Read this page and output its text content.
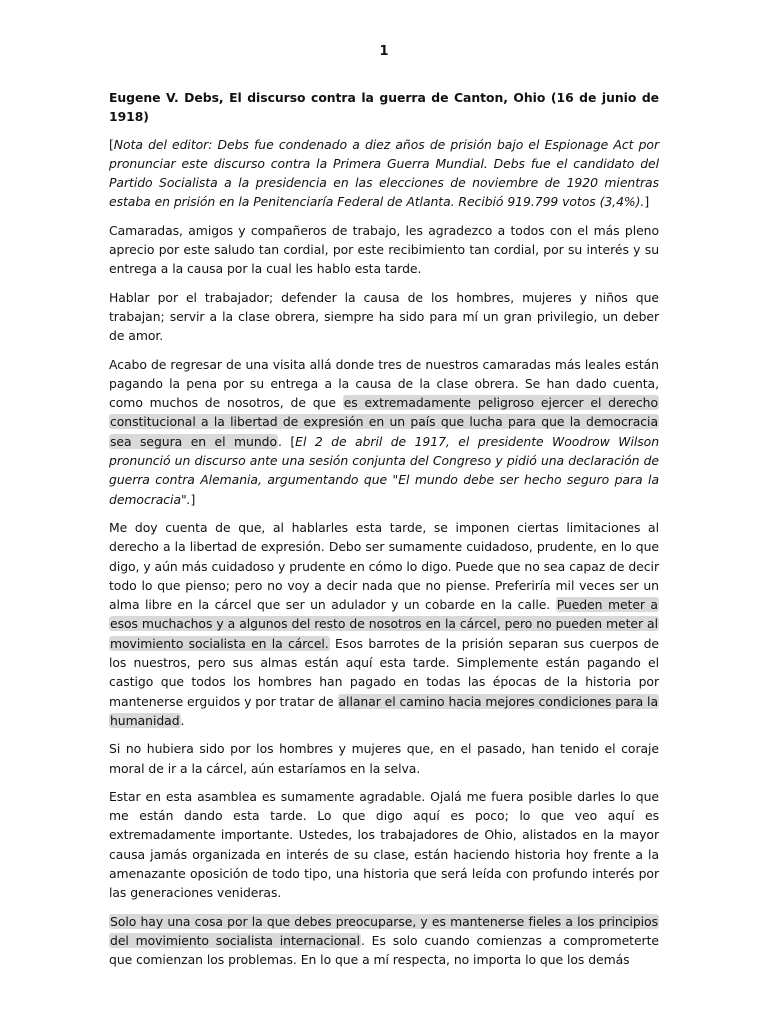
1

Eugene V. Debs, El discurso contra la guerra de Canton, Ohio (16 de junio de 1918)

[Nota del editor: Debs fue condenado a diez años de prisión bajo el Espionage Act por pronunciar este discurso contra la Primera Guerra Mundial. Debs fue el candidato del Partido Socialista a la presidencia en las elecciones de noviembre de 1920 mientras estaba en prisión en la Penitenciaría Federal de Atlanta. Recibió 919.799 votos (3,4%).]

Camaradas, amigos y compañeros de trabajo, les agradezco a todos con el más pleno aprecio por este saludo tan cordial, por este recibimiento tan cordial, por su interés y su entrega a la causa por la cual les hablo esta tarde.

Hablar por el trabajador; defender la causa de los hombres, mujeres y niños que trabajan; servir a la clase obrera, siempre ha sido para mí un gran privilegio, un deber de amor.

Acabo de regresar de una visita allá donde tres de nuestros camaradas más leales están pagando la pena por su entrega a la causa de la clase obrera. Se han dado cuenta, como muchos de nosotros, de que es extremadamente peligroso ejercer el derecho constitucional a la libertad de expresión en un país que lucha para que la democracia sea segura en el mundo. [El 2 de abril de 1917, el presidente Woodrow Wilson pronunció un discurso ante una sesión conjunta del Congreso y pidió una declaración de guerra contra Alemania, argumentando que "El mundo debe ser hecho seguro para la democracia".]

Me doy cuenta de que, al hablarles esta tarde, se imponen ciertas limitaciones al derecho a la libertad de expresión. Debo ser sumamente cuidadoso, prudente, en lo que digo, y aún más cuidadoso y prudente en cómo lo digo. Puede que no sea capaz de decir todo lo que pienso; pero no voy a decir nada que no piense. Preferiría mil veces ser un alma libre en la cárcel que ser un adulador y un cobarde en la calle. Pueden meter a esos muchachos y a algunos del resto de nosotros en la cárcel, pero no pueden meter al movimiento socialista en la cárcel. Esos barrotes de la prisión separan sus cuerpos de los nuestros, pero sus almas están aquí esta tarde. Simplemente están pagando el castigo que todos los hombres han pagado en todas las épocas de la historia por mantenerse erguidos y por tratar de allanar el camino hacia mejores condiciones para la humanidad.

Si no hubiera sido por los hombres y mujeres que, en el pasado, han tenido el coraje moral de ir a la cárcel, aún estaríamos en la selva.

Estar en esta asamblea es sumamente agradable. Ojalá me fuera posible darles lo que me están dando esta tarde. Lo que digo aquí es poco; lo que veo aquí es extremadamente importante. Ustedes, los trabajadores de Ohio, alistados en la mayor causa jamás organizada en interés de su clase, están haciendo historia hoy frente a la amenazante oposición de todo tipo, una historia que será leída con profundo interés por las generaciones venideras.

Solo hay una cosa por la que debes preocuparse, y es mantenerse fieles a los principios del movimiento socialista internacional. Es solo cuando comienzas a comprometerte que comienzan los problemas. En lo que a mí respecta, no importa lo que los demás
